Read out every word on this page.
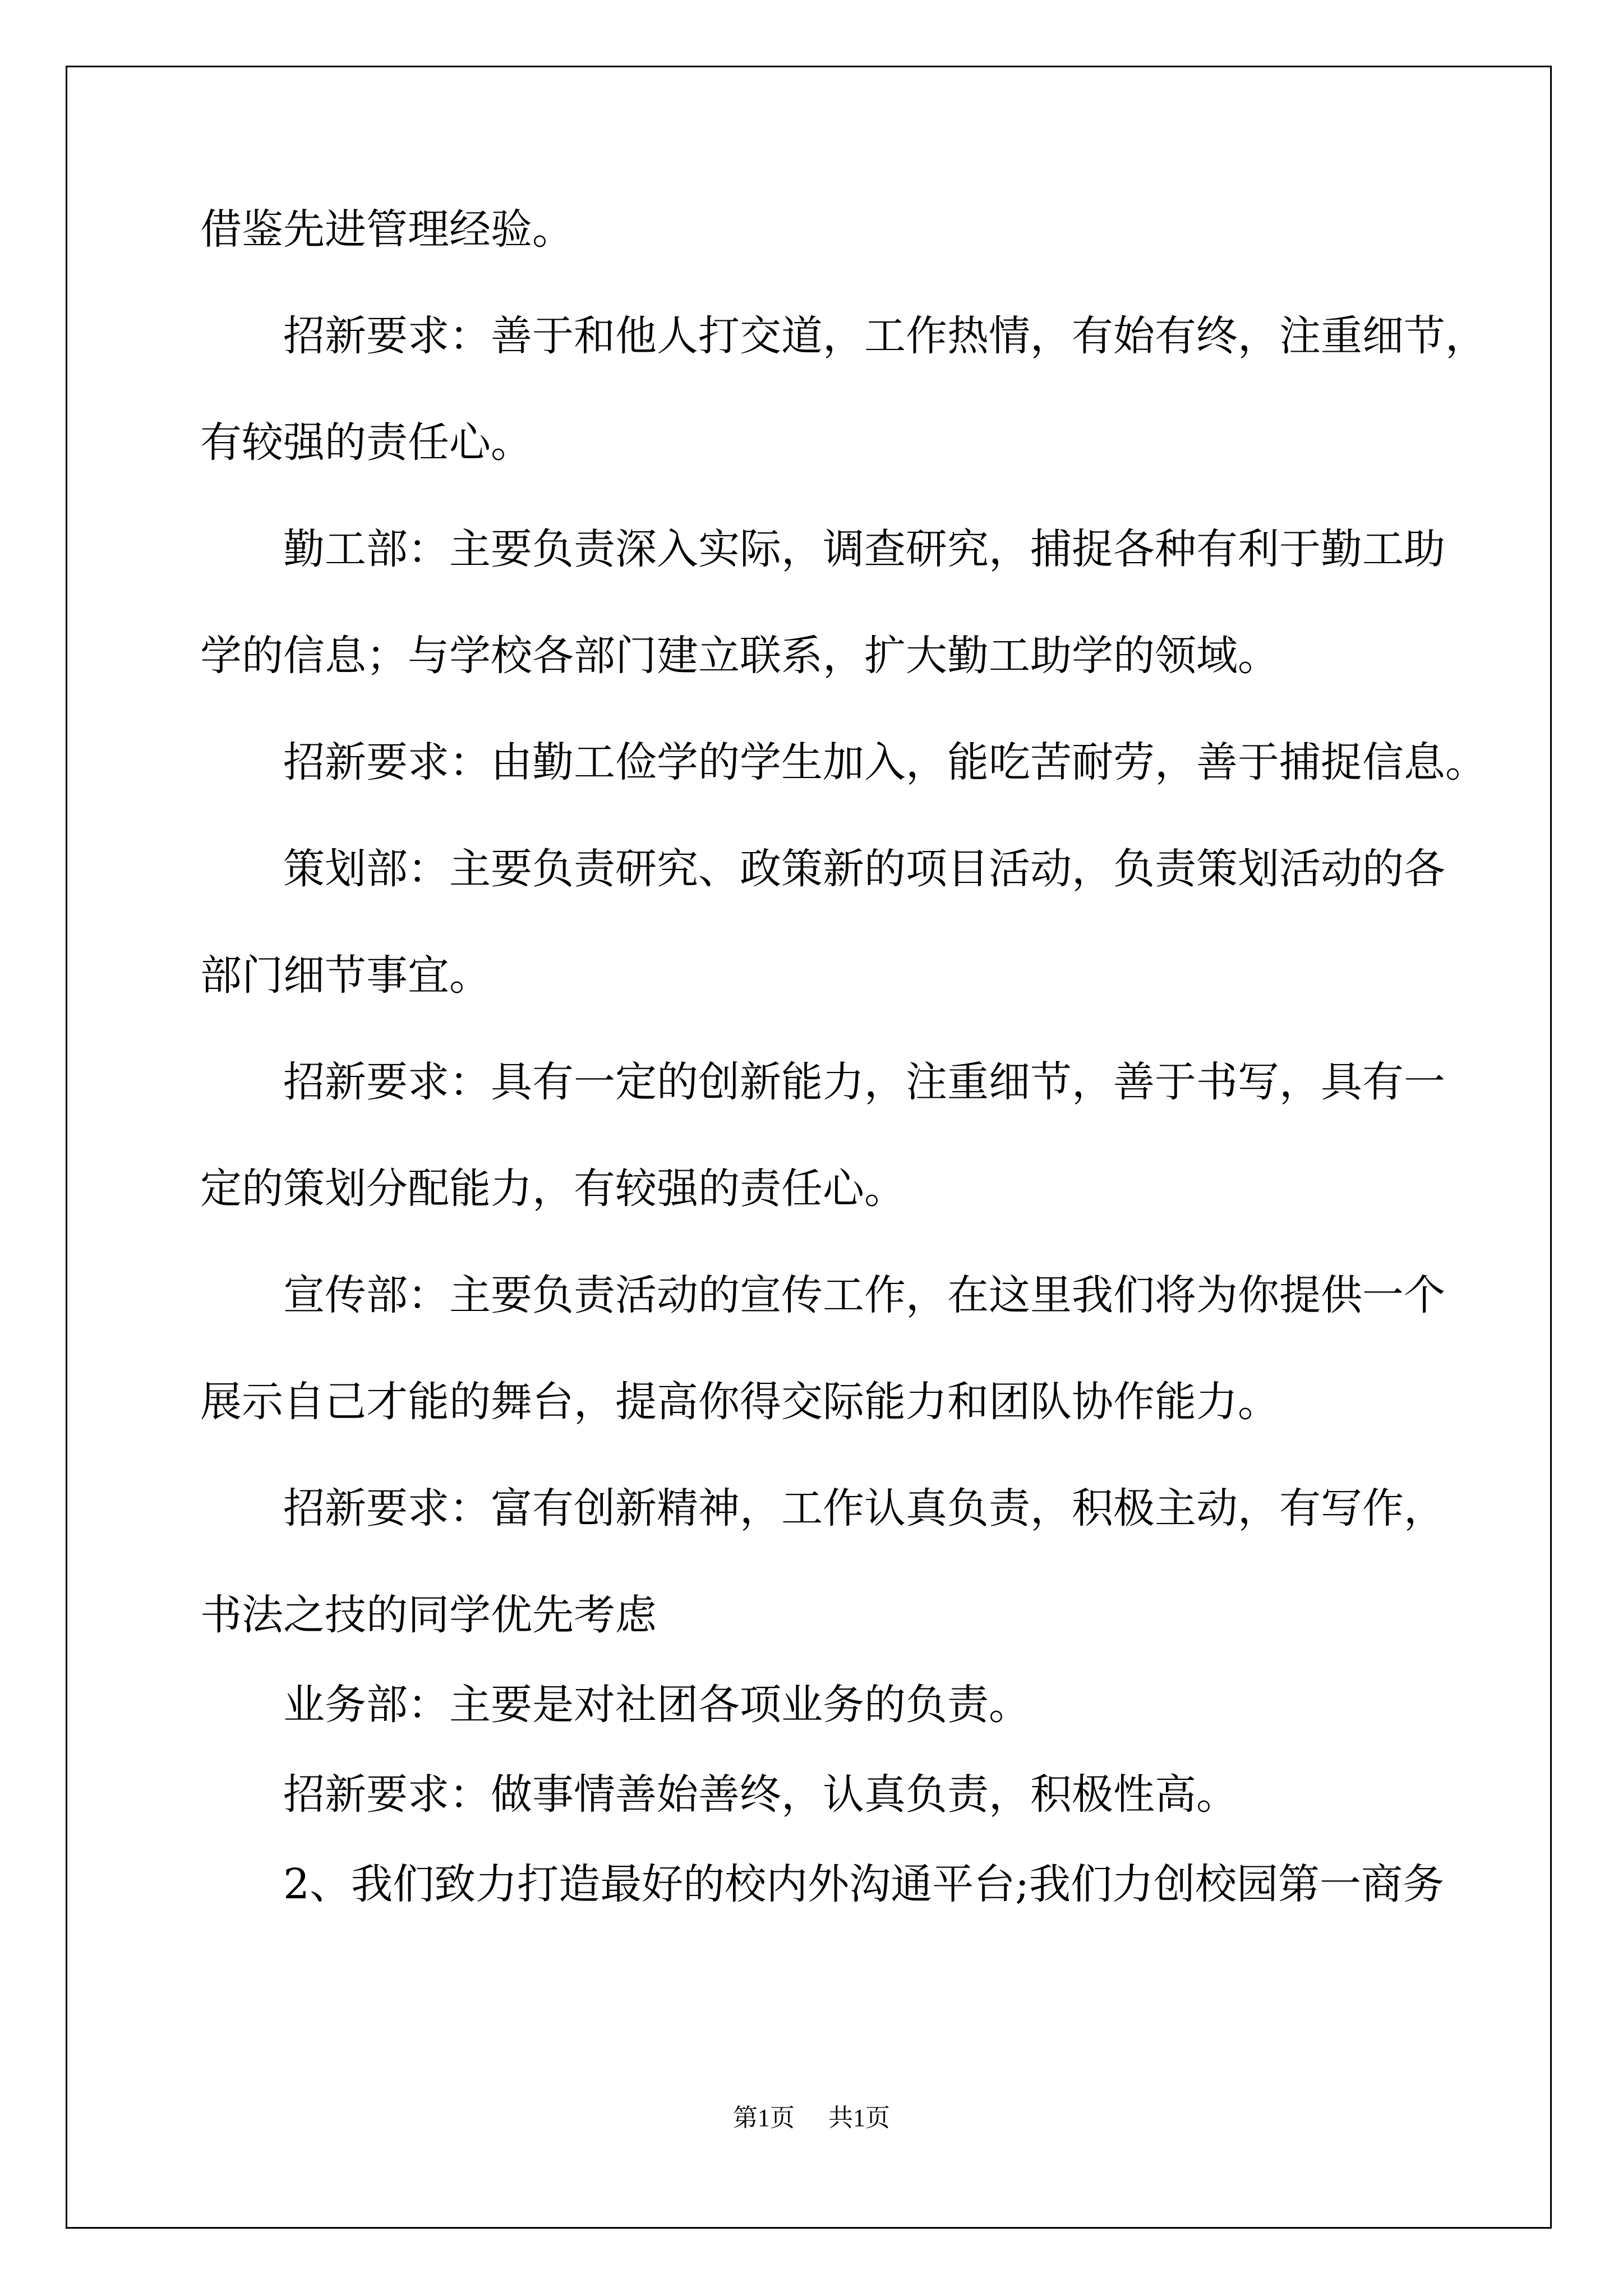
借鉴先进管理经验。

招新要求：善于和他人打交道，工作热情，有始有终，注重细节，

有较强的责任心。

勤工部：主要负责深入实际，调查研究，捕捉各种有利于勤工助

学的信息；与学校各部门建立联系，扩大勤工助学的领域。

招新要求：由勤工俭学的学生加入，能吃苦耐劳，善于捕捉信息。

策划部：主要负责研究、政策新的项目活动，负责策划活动的各

部门细节事宜。

招新要求：具有一定的创新能力，注重细节，善于书写，具有一

定的策划分配能力，有较强的责任心。

宣传部：主要负责活动的宣传工作，在这里我们将为你提供一个

展示自己才能的舞台，提高你得交际能力和团队协作能力。

招新要求：富有创新精神，工作认真负责，积极主动，有写作，

书法之技的同学优先考虑

业务部：主要是对社团各项业务的负责。

招新要求：做事情善始善终，认真负责，积极性高。

2、我们致力打造最好的校内外沟通平台;我们力创校园第一商务

第1页 共1页
